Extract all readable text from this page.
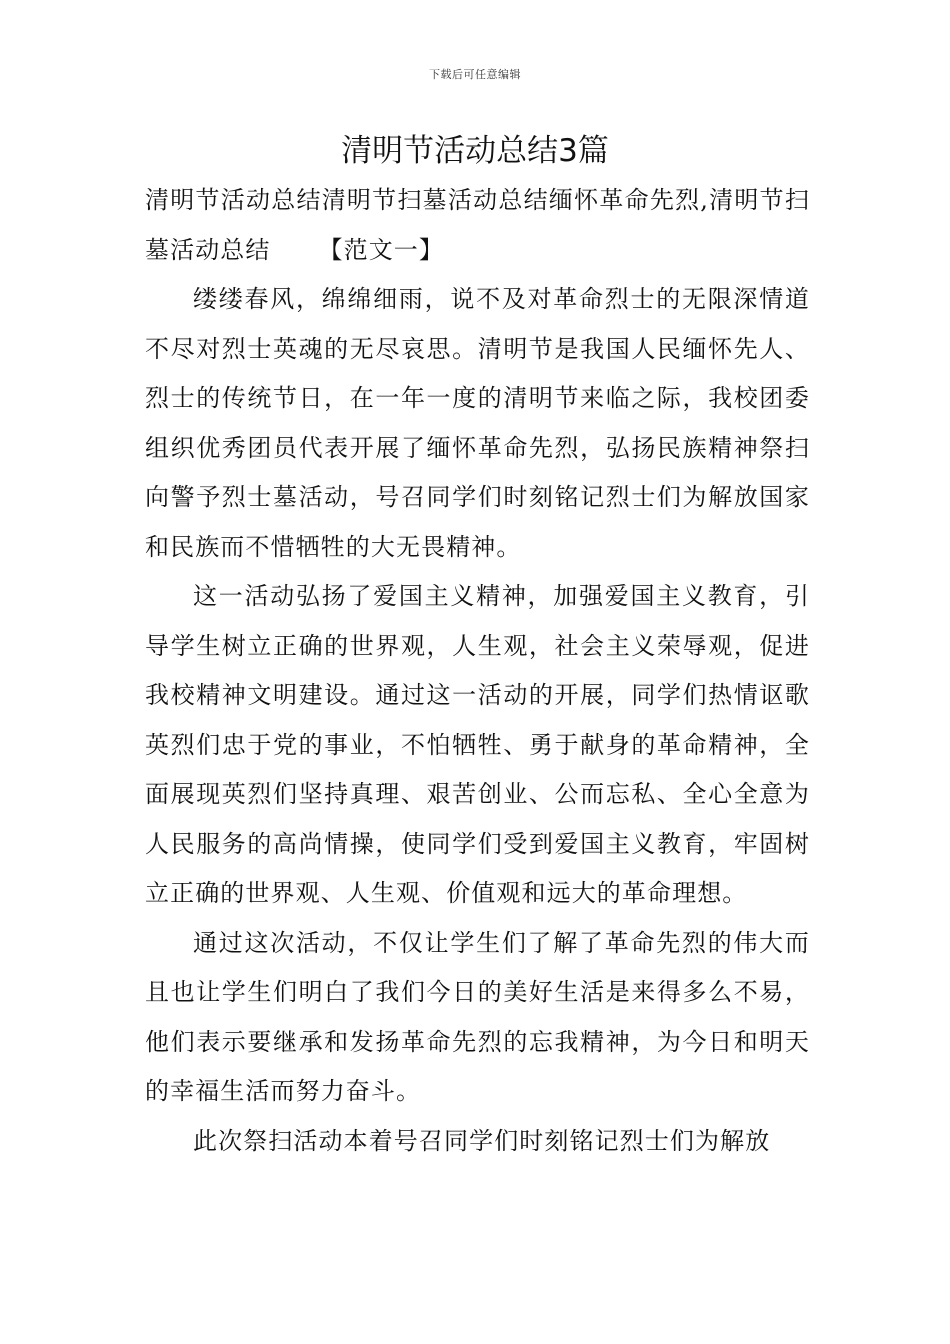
下载后可任意编辑
清明节活动总结3篇

清明节活动总结清明节扫墓活动总结缅怀革命先烈,清明节扫墓活动总结 【范文一】

缕缕春风，绵绵细雨，说不及对革命烈士的无限深情道不尽对烈士英魂的无尽哀思。清明节是我国人民缅怀先人、烈士的传统节日，在一年一度的清明节来临之际，我校团委组织优秀团员代表开展了缅怀革命先烈，弘扬民族精神祭扫向警予烈士墓活动，号召同学们时刻铭记烈士们为解放国家和民族而不惜牺牲的大无畏精神。

这一活动弘扬了爱国主义精神，加强爱国主义教育，引导学生树立正确的世界观，人生观，社会主义荣辱观，促进我校精神文明建设。通过这一活动的开展，同学们热情讴歌英烈们忠于党的事业，不怕牺牲、勇于献身的革命精神，全面展现英烈们坚持真理、艰苦创业、公而忘私、全心全意为人民服务的高尚情操，使同学们受到爱国主义教育，牢固树立正确的世界观、人生观、价值观和远大的革命理想。

通过这次活动，不仅让学生们了解了革命先烈的伟大而且也让学生们明白了我们今日的美好生活是来得多么不易，他们表示要继承和发扬革命先烈的忘我精神，为今日和明天的幸福生活而努力奋斗。

此次祭扫活动本着号召同学们时刻铭记烈士们为解放
